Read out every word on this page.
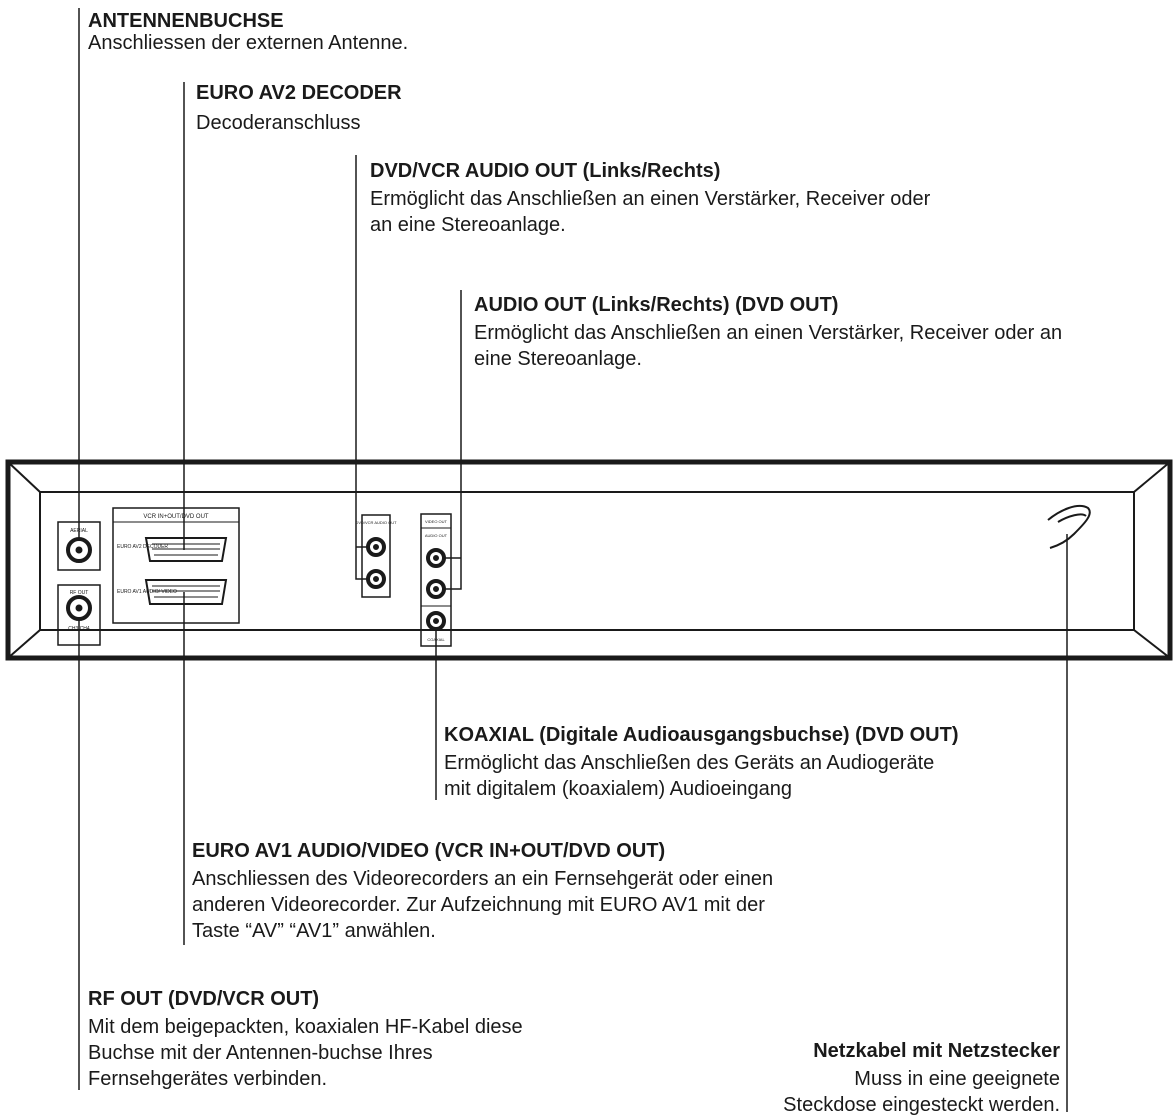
AERIAL
RF OUT
CH3/CH4
VCR IN+OUT/DVD OUT
EURO AV2 DECODER
EURO AV1 AUDIO/ VIDEO
DVD/VCR AUDIO OUT	VIDEO OUT
AUDIO OUT
COAXIAL
ANTENNENBUCHSE
Anschliessen der externen Antenne.
EURO AV2 DECODER
Decoderanschluss
DVD/VCR AUDIO OUT (Links/Rechts)
Ermöglicht das Anschließen an einen Verstärker, Receiver oder
an eine Stereoanlage.
AUDIO OUT (Links/Rechts) (DVD OUT)
Ermöglicht das Anschließen an einen Verstärker, Receiver oder an
eine Stereoanlage.
KOAXIAL (Digitale Audioausgangsbuchse) (DVD OUT)
Ermöglicht das Anschließen des Geräts an Audiogeräte
mit digitalem (koaxialem) Audioeingang
EURO AV1 AUDIO/VIDEO (VCR IN+OUT/DVD OUT)
Anschliessen des Videorecorders an ein Fernsehgerät oder einen
anderen Videorecorder. Zur Aufzeichnung mit EURO AV1 mit der
Taste “AV” “AV1” anwählen.
RF OUT (DVD/VCR OUT)
Mit dem beigepackten, koaxialen HF-Kabel diese
Buchse mit der Antennen-buchse Ihres
Fernsehgerätes verbinden.
Netzkabel mit Netzstecker
Muss in eine geeignete
Steckdose eingesteckt werden.
